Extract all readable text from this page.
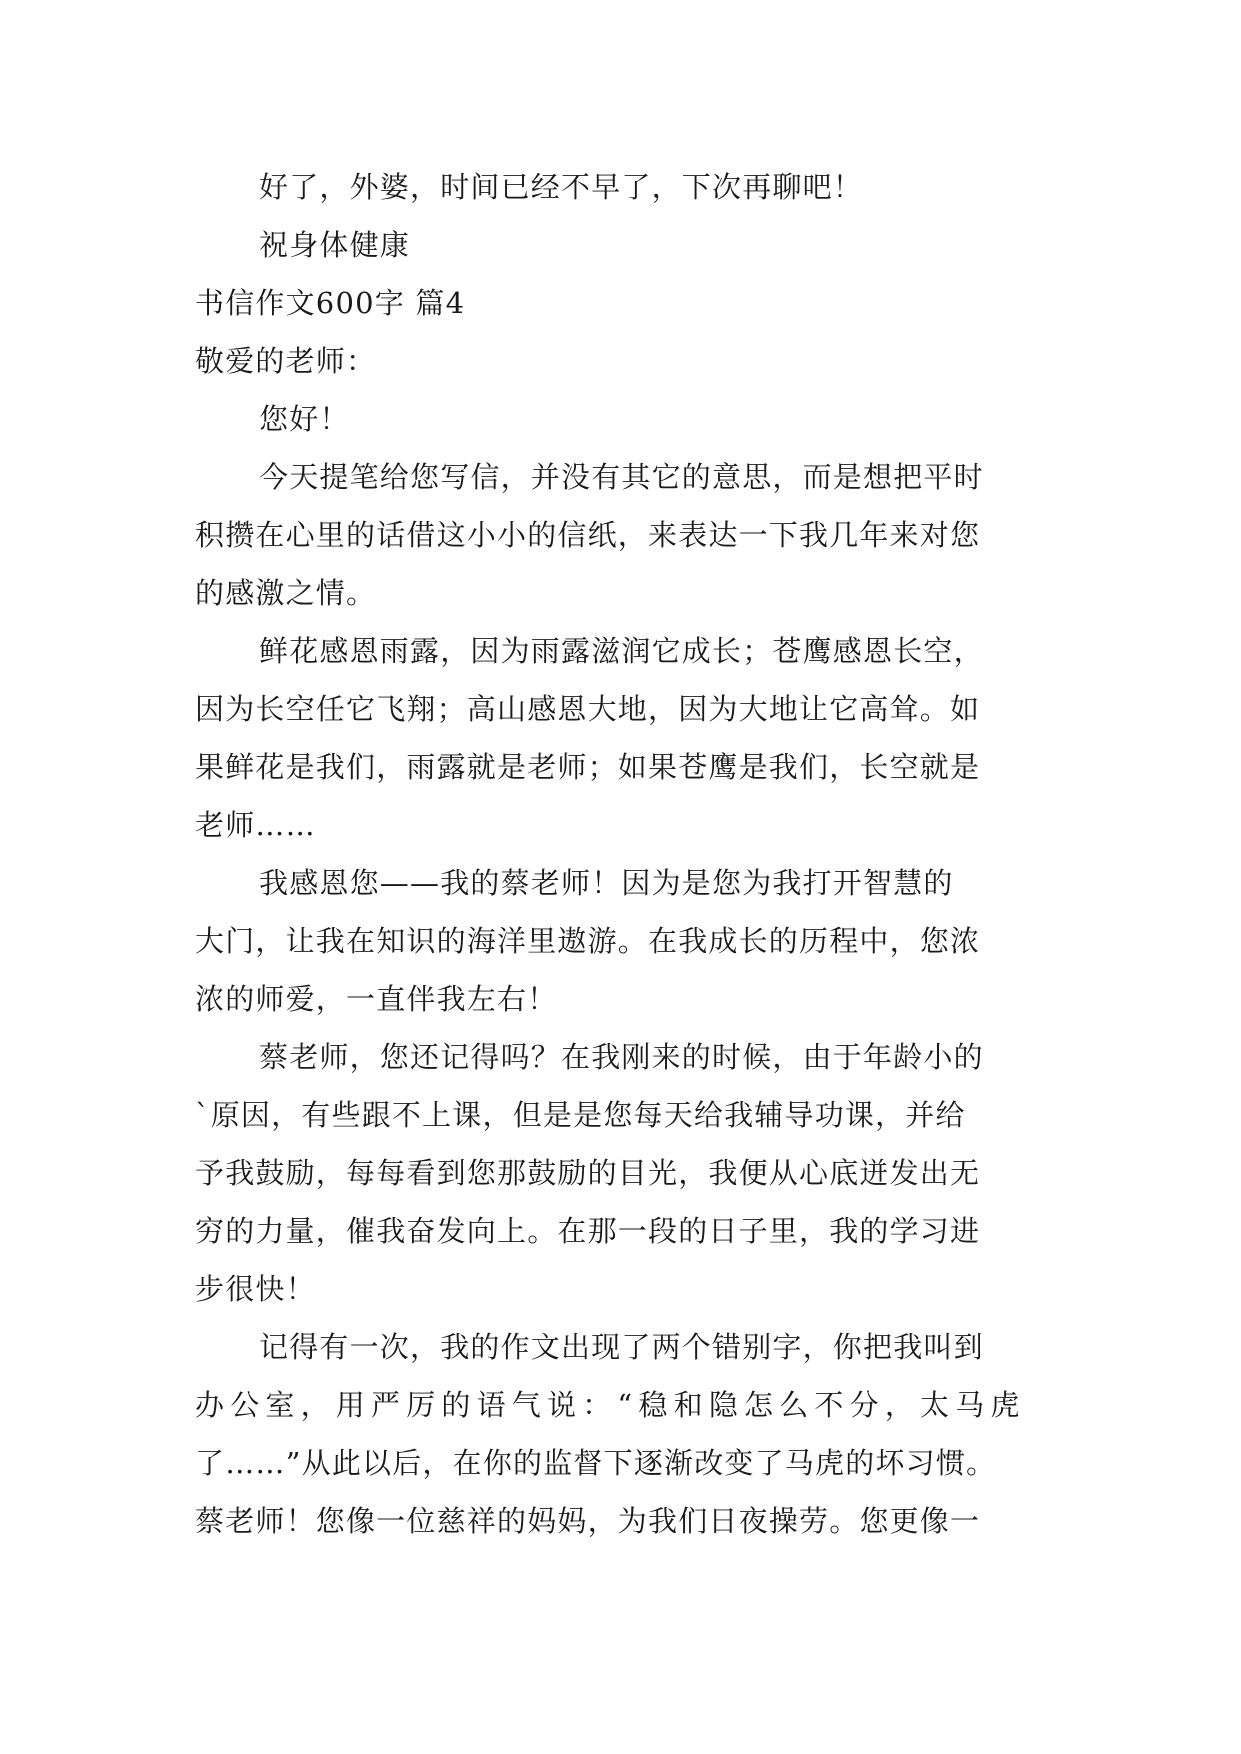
好了，外婆，时间已经不早了，下次再聊吧！
祝身体健康
书信作文600字 篇4
敬爱的老师：
您好！
今天提笔给您写信，并没有其它的意思，而是想把平时
积攒在心里的话借这小小的信纸，来表达一下我几年来对您
的感激之情。
鲜花感恩雨露，因为雨露滋润它成长；苍鹰感恩长空，
因为长空任它飞翔；高山感恩大地，因为大地让它高耸。如
果鲜花是我们，雨露就是老师；如果苍鹰是我们，长空就是
老师……
我感恩您——我的蔡老师！因为是您为我打开智慧的
大门，让我在知识的海洋里遨游。在我成长的历程中，您浓
浓的师爱，一直伴我左右！
蔡老师，您还记得吗？在我刚来的时候，由于年龄小的
`原因，有些跟不上课，但是是您每天给我辅导功课，并给
予我鼓励，每每看到您那鼓励的目光，我便从心底迸发出无
穷的力量，催我奋发向上。在那一段的日子里，我的学习进
步很快！
记得有一次，我的作文出现了两个错别字，你把我叫到
办公室，用严厉的语气说：“稳和隐怎么不分，太马虎
了……”从此以后，在你的监督下逐渐改变了马虎的坏习惯。
蔡老师！您像一位慈祥的妈妈，为我们日夜操劳。您更像一
